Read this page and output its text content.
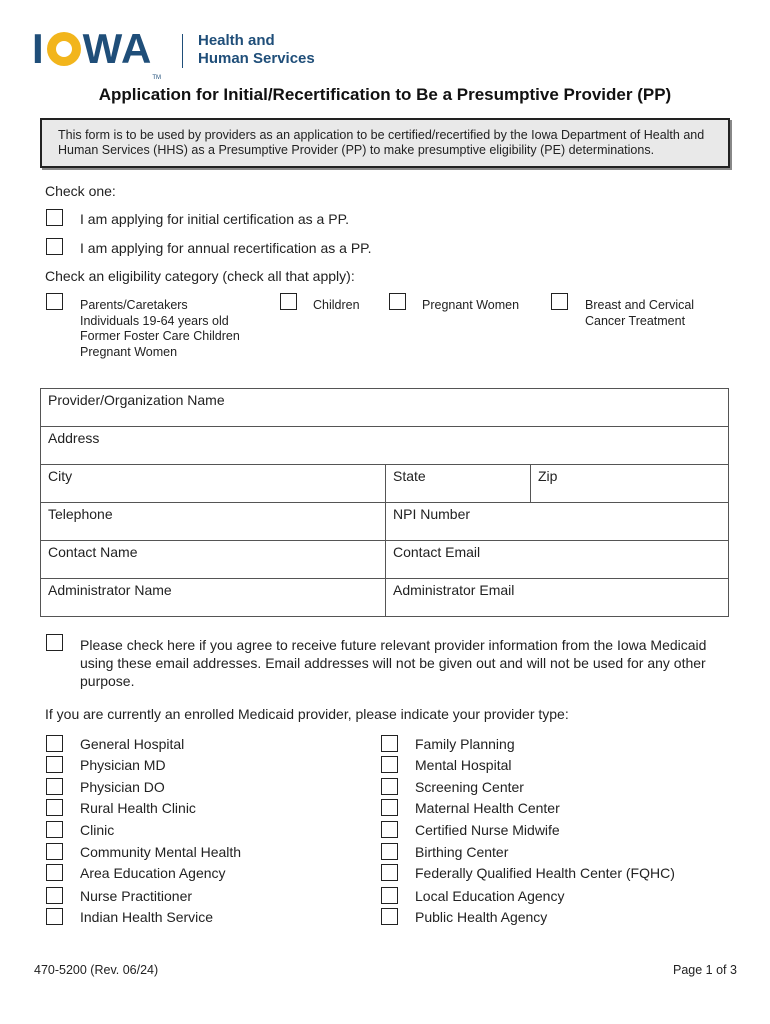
I $WA_{TM}$
Health and
Human Services
Application for Initial/Recertification to Be a Presumptive Provider (PP)
This form is to be used by providers as an application to be certified/recertified by the Iowa Department of Health and
Human Services (HHS) as a Presumptive Provider (PP) to make presumptive eligibility (PE) determinations.
Check one:
I am applying for initial certification as a PP.
I am applying for annual recertification as a PP.
Check an eligibility category (check all that apply):
Parents/Caretakers
Individuals 19-64 years old
Former Foster Care Children
Pregnant Women
Children	Pregnant Women	Breast and Cervical
Cancer Treatment
Provider/Organization Name		
Address		
City	State	Zip
Telephone	NPI Number	
Contact Name	Contact Email	
Administrator Name	Administrator Email	
Please check here if you agree to receive future relevant provider information from the Iowa Medicaid
using these email addresses. Email addresses will not be given out and will not be used for any other
purpose.
If you are currently an enrolled Medicaid provider, please indicate your provider type:
General Hospital
Physician MD
Physician DO
Rural Health Clinic
Clinic
Community Mental Health
Area Education Agency
Nurse Practitioner
Indian Health Service
Family Planning
Mental Hospital
Screening Center
Maternal Health Center
Certified Nurse Midwife
Birthing Center
Federally Qualified Health Center (FQHC)
Local Education Agency
Public Health Agency
470-5200 (Rev. 06/24)	Page 1 of 3
